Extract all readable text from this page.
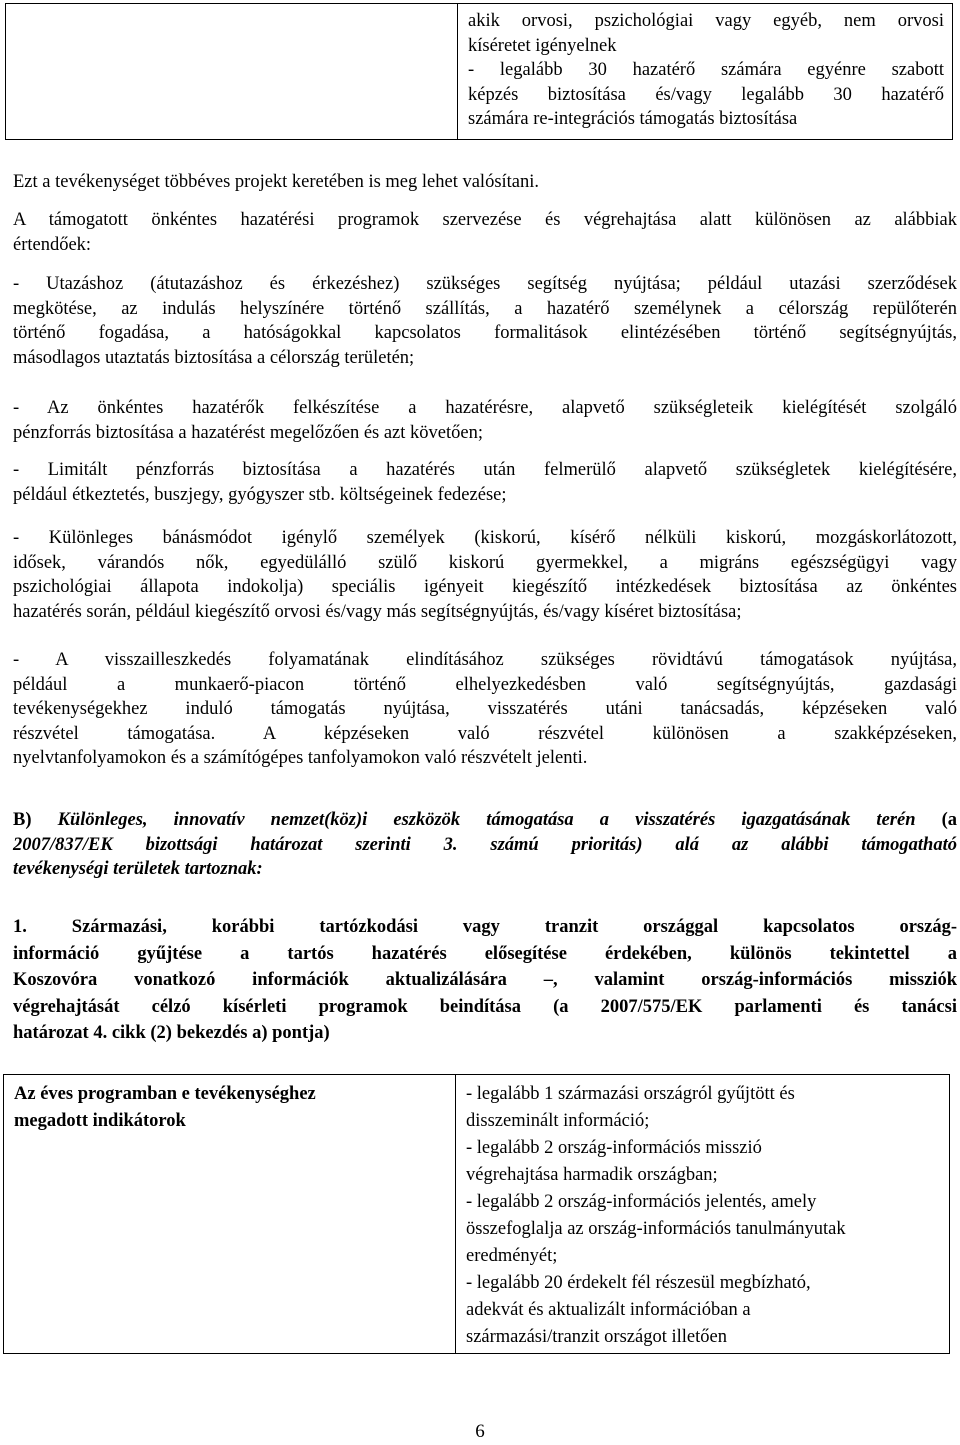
akik orvosi, pszichológiai vagy egyéb, nem orvosi
kíséretet igényelnek
- legalább 30 hazatérő számára egyénre szabott
képzés biztosítása és/vagy legalább 30 hazatérő
számára re-integrációs támogatás biztosítása
Ezt a tevékenységet többéves projekt keretében is meg lehet valósítani.
A támogatott önkéntes hazatérési programok szervezése és végrehajtása alatt különösen az alábbiak
értendőek:
- Utazáshoz (átutazáshoz és érkezéshez) szükséges segítség nyújtása; például utazási szerződések
megkötése, az indulás helyszínére történő szállítás, a hazatérő személynek a célország repülőterén
történő fogadása, a hatóságokkal kapcsolatos formalitások elintézésében történő segítségnyújtás,
másodlagos utaztatás biztosítása a célország területén;
- Az önkéntes hazatérők felkészítése a hazatérésre, alapvető szükségleteik kielégítését szolgáló
pénzforrás biztosítása a hazatérést megelőzően és azt követően;
- Limitált pénzforrás biztosítása a hazatérés után felmerülő alapvető szükségletek kielégítésére,
például étkeztetés, buszjegy, gyógyszer stb. költségeinek fedezése;
- Különleges bánásmódot igénylő személyek (kiskorú, kísérő nélküli kiskorú, mozgáskorlátozott,
idősek, várandós nők, egyedülálló szülő kiskorú gyermekkel, a migráns egészségügyi vagy
pszichológiai állapota indokolja) speciális igényeit kiegészítő intézkedések biztosítása az önkéntes
hazatérés során, például kiegészítő orvosi és/vagy más segítségnyújtás, és/vagy kíséret biztosítása;
- A visszailleszkedés folyamatának elindításához szükséges rövidtávú támogatások nyújtása,
például a munkaerő-piacon történő elhelyezkedésben való segítségnyújtás, gazdasági
tevékenységekhez induló támogatás nyújtása, visszatérés utáni tanácsadás, képzéseken való
részvétel támogatása. A képzéseken való részvétel különösen a szakképzéseken,
nyelvtanfolyamokon és a számítógépes tanfolyamokon való részvételt jelenti.
B) Különleges, innovatív nemzet(köz)i eszközök támogatása a visszatérés igazgatásának terén (a
2007/837/EK bizottsági határozat szerinti 3. számú prioritás) alá az alábbi támogatható
tevékenységi területek tartoznak:
1. Származási, korábbi tartózkodási vagy tranzit országgal kapcsolatos ország-
információ gyűjtése a tartós hazatérés elősegítése érdekében, különös tekintettel a
Koszovóra vonatkozó információk aktualizálására –, valamint ország-információs missziók
végrehajtását célzó kísérleti programok beindítása (a 2007/575/EK parlamenti és tanácsi
határozat 4. cikk (2) bekezdés a) pontja)
Az éves programban e tevékenységhez
megadott indikátorok
- legalább 1 származási országról gyűjtött és
disszeminált információ;
- legalább 2 ország-információs misszió
végrehajtása harmadik országban;
- legalább 2 ország-információs jelentés, amely
összefoglalja az ország-információs tanulmányutak
eredményét;
- legalább 20 érdekelt fél részesül megbízható,
adekvát és aktualizált információban a
származási/tranzit országot illetően
6
